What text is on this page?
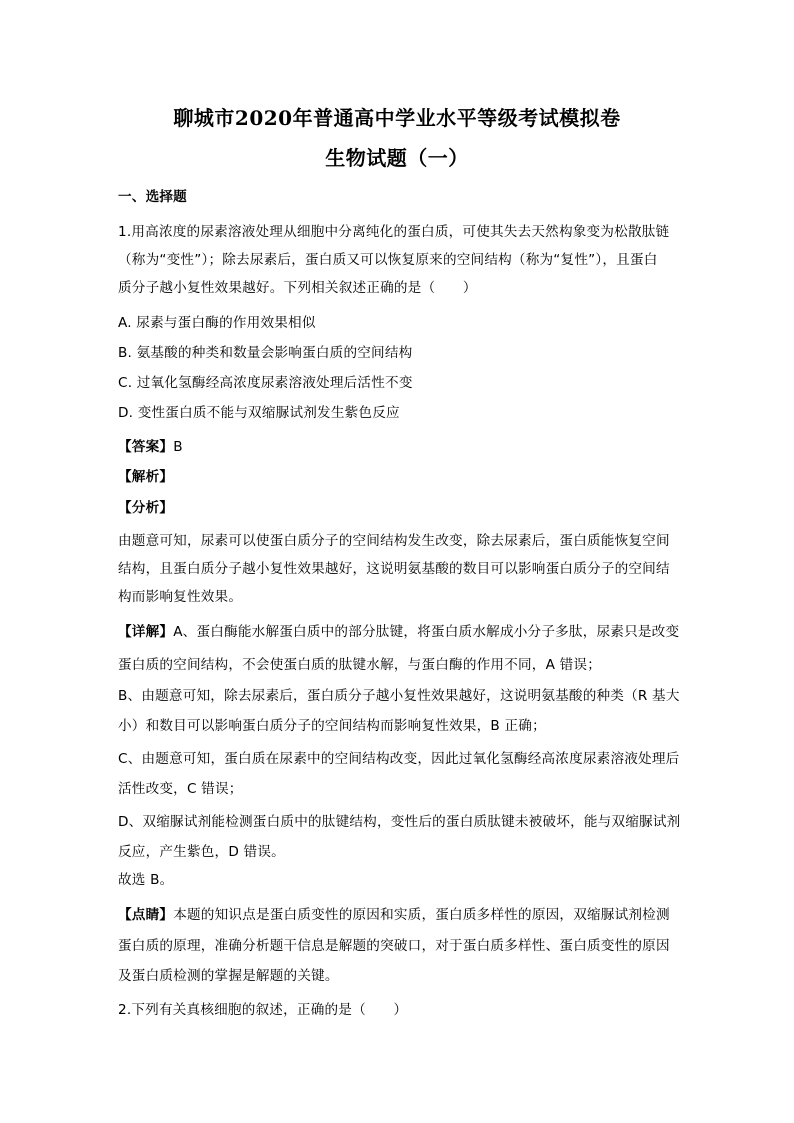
聊城市2020年普通高中学业水平等级考试模拟卷
生物试题（一）
一、选择题
1.用高浓度的尿素溶液处理从细胞中分离纯化的蛋白质，可使其失去天然构象变为松散肽链
（称为“变性”）；除去尿素后，蛋白质又可以恢复原来的空间结构（称为“复性”），且蛋白
质分子越小复性效果越好。下列相关叙述正确的是（　　）
A. 尿素与蛋白酶的作用效果相似
B. 氨基酸的种类和数量会影响蛋白质的空间结构
C. 过氧化氢酶经高浓度尿素溶液处理后活性不变
D. 变性蛋白质不能与双缩脲试剂发生紫色反应
【答案】B
【解析】
【分析】
由题意可知，尿素可以使蛋白质分子的空间结构发生改变，除去尿素后，蛋白质能恢复空间
结构，且蛋白质分子越小复性效果越好，这说明氨基酸的数目可以影响蛋白质分子的空间结
构而影响复性效果。
【详解】A、蛋白酶能水解蛋白质中的部分肽键，将蛋白质水解成小分子多肽，尿素只是改变
蛋白质的空间结构，不会使蛋白质的肽键水解，与蛋白酶的作用不同，A 错误；
B、由题意可知，除去尿素后，蛋白质分子越小复性效果越好，这说明氨基酸的种类（R 基大
小）和数目可以影响蛋白质分子的空间结构而影响复性效果，B 正确；
C、由题意可知，蛋白质在尿素中的空间结构改变，因此过氧化氢酶经高浓度尿素溶液处理后
活性改变，C 错误；
D、双缩脲试剂能检测蛋白质中的肽键结构，变性后的蛋白质肽键未被破坏，能与双缩脲试剂
反应，产生紫色，D 错误。
故选 B。
【点睛】本题的知识点是蛋白质变性的原因和实质，蛋白质多样性的原因，双缩脲试剂检测
蛋白质的原理，准确分析题干信息是解题的突破口，对于蛋白质多样性、蛋白质变性的原因
及蛋白质检测的掌握是解题的关键。
2.下列有关真核细胞的叙述，正确的是（　　）
